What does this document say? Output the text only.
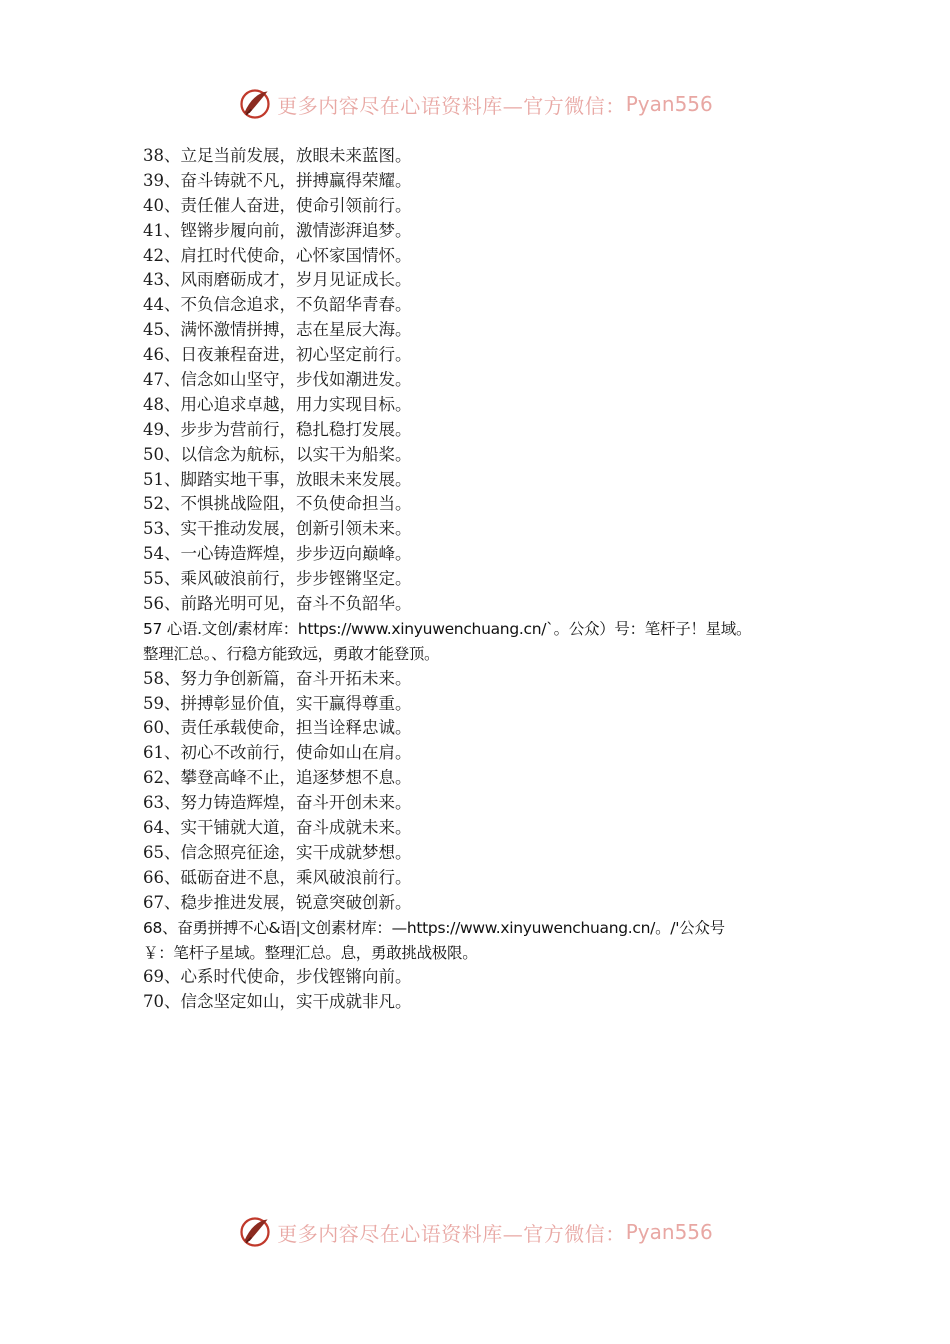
更多内容尽在心语资料库—官方微信： Pyan556
38、立足当前发展，放眼未来蓝图。
39、奋斗铸就不凡，拼搏赢得荣耀。
40、责任催人奋进，使命引领前行。
41、铿锵步履向前，激情澎湃追梦。
42、肩扛时代使命，心怀家国情怀。
43、风雨磨砺成才，岁月见证成长。
44、不负信念追求，不负韶华青春。
45、满怀激情拼搏，志在星辰大海。
46、日夜兼程奋进，初心坚定前行。
47、信念如山坚守，步伐如潮进发。
48、用心追求卓越，用力实现目标。
49、步步为营前行，稳扎稳打发展。
50、以信念为航标，以实干为船桨。
51、脚踏实地干事，放眼未来发展。
52、不惧挑战险阻，不负使命担当。
53、实干推动发展，创新引领未来。
54、一心铸造辉煌，步步迈向巅峰。
55、乘风破浪前行，步步铿锵坚定。
56、前路光明可见，奋斗不负韶华。
57 心语.文创/素材库：https://www.xinyuwenchuang.cn/`。公众）号：笔杆子！星域。
整理汇总。、行稳方能致远，勇敢才能登顶。
58、努力争创新篇，奋斗开拓未来。
59、拼搏彰显价值，实干赢得尊重。
60、责任承载使命，担当诠释忠诚。
61、初心不改前行，使命如山在肩。
62、攀登高峰不止，追逐梦想不息。
63、努力铸造辉煌，奋斗开创未来。
64、实干铺就大道，奋斗成就未来。
65、信念照亮征途，实干成就梦想。
66、砥砺奋进不息，乘风破浪前行。
67、稳步推进发展，锐意突破创新。
68、奋勇拼搏不心&语|文创素材库：—https://www.xinyuwenchuang.cn/。/'公众号
￥：笔杆子星域。整理汇总。息，勇敢挑战极限。
69、心系时代使命，步伐铿锵向前。
70、信念坚定如山，实干成就非凡。
更多内容尽在心语资料库—官方微信： Pyan556
